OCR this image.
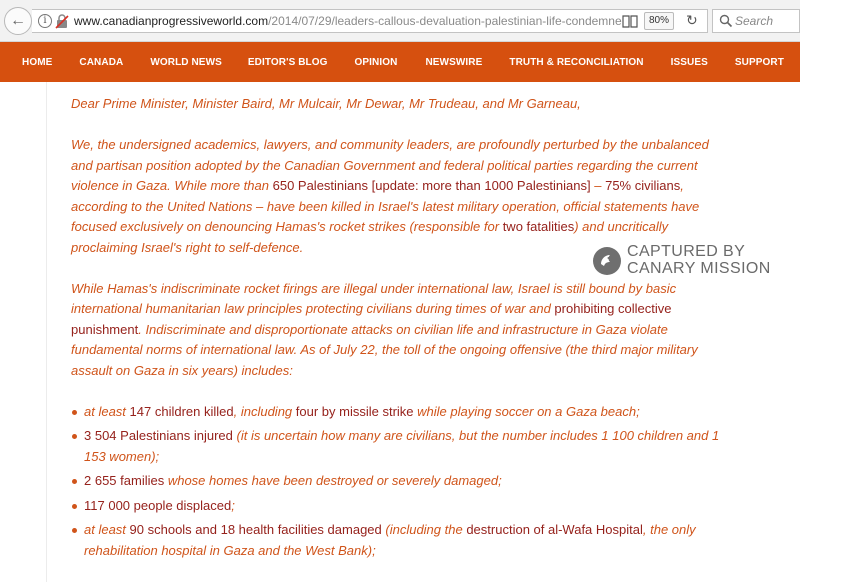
←	i	www.canadianprogressiveworld.com/2014/07/29/leaders-callous-devaluation-palestinian-life-condemne	80%	↻	Search
HOME	CANADA	WORLD NEWS	EDITOR'S BLOG	OPINION	NEWSWIRE	TRUTH & RECONCILIATION	ISSUES	SUPPORT	CONTACT

Dear Prime Minister, Minister Baird, Mr Mulcair, Mr Dewar, Mr Trudeau, and Mr Garneau,

We, the undersigned academics, lawyers, and community leaders, are profoundly perturbed by the unbalanced and partisan position adopted by the Canadian Government and federal political parties regarding the current violence in Gaza. While more than 650 Palestinians [update: more than 1000 Palestinians] – 75% civilians, according to the United Nations – have been killed in Israel's latest military operation, official statements have focused exclusively on denouncing Hamas's rocket strikes (responsible for two fatalities) and uncritically proclaiming Israel's right to self-defence.

While Hamas's indiscriminate rocket firings are illegal under international law, Israel is still bound by basic international humanitarian law principles protecting civilians during times of war and prohibiting collective punishment. Indiscriminate and disproportionate attacks on civilian life and infrastructure in Gaza violate fundamental norms of international law. As of July 22, the toll of the ongoing offensive (the third major military assault on Gaza in six years) includes:

at least 147 children killed, including four by missile strike while playing soccer on a Gaza beach;
3 504 Palestinians injured (it is uncertain how many are civilians, but the number includes 1 100 children and 1 153 women);
2 655 families whose homes have been destroyed or severely damaged;
117 000 people displaced;
at least 90 schools and 18 health facilities damaged (including the destruction of al-Wafa Hospital, the only rehabilitation hospital in Gaza and the West Bank);
CAPTURED BY
CANARY MISSION
